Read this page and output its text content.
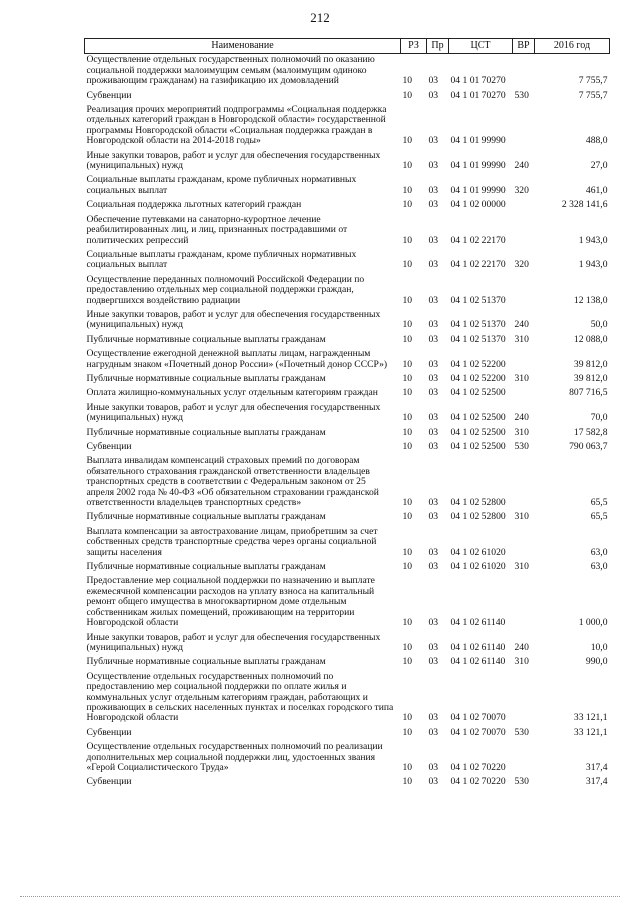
212
Наименование	РЗ	Пр	ЦСТ	ВР	2016 год
Осуществление отдельных государственных полномочий по оказанию социальной поддержки малоимущим семьям (малоимущим одиноко проживающим гражданам) на газификацию их домовладений	10	03	04 1 01 70270		7 755,7
Субвенции	10	03	04 1 01 70270	530	7 755,7
Реализация прочих мероприятий подпрограммы «Социальная поддержка отдельных категорий граждан в Новгородской области» государственной программы Новгородской области «Социальная поддержка граждан в Новгородской области на 2014-2018 годы»	10	03	04 1 01 99990		488,0
Иные закупки товаров, работ и услуг для обеспечения государственных (муниципальных) нужд	10	03	04 1 01 99990	240	27,0
Социальные выплаты гражданам, кроме публичных нормативных социальных выплат	10	03	04 1 01 99990	320	461,0
Социальная поддержка льготных категорий граждан	10	03	04 1 02 00000		2 328 141,6
Обеспечение путевками на санаторно-курортное лечение реабилитированных лиц, и лиц, признанных пострадавшими от политических репрессий	10	03	04 1 02 22170		1 943,0
Социальные выплаты гражданам, кроме публичных нормативных социальных выплат	10	03	04 1 02 22170	320	1 943,0
Осуществление переданных полномочий Российской Федерации по предоставлению отдельных мер социальной поддержки граждан, подвергшихся воздействию радиации	10	03	04 1 02 51370		12 138,0
Иные закупки товаров, работ и услуг для обеспечения государственных (муниципальных) нужд	10	03	04 1 02 51370	240	50,0
Публичные нормативные социальные выплаты гражданам	10	03	04 1 02 51370	310	12 088,0
Осуществление ежегодной денежной выплаты лицам, награжденным нагрудным знаком «Почетный донор России» («Почетный донор СССР»)	10	03	04 1 02 52200		39 812,0
Публичные нормативные социальные выплаты гражданам	10	03	04 1 02 52200	310	39 812,0
Оплата жилищно-коммунальных услуг отдельным категориям граждан	10	03	04 1 02 52500		807 716,5
Иные закупки товаров, работ и услуг для обеспечения государственных (муниципальных) нужд	10	03	04 1 02 52500	240	70,0
Публичные нормативные социальные выплаты гражданам	10	03	04 1 02 52500	310	17 582,8
Субвенции	10	03	04 1 02 52500	530	790 063,7
Выплата инвалидам компенсаций страховых премий по договорам обязательного страхования гражданской ответственности владельцев транспортных средств в соответствии с Федеральным законом от 25 апреля 2002 года № 40-ФЗ «Об обязательном страховании гражданской ответственности владельцев транспортных средств»	10	03	04 1 02 52800		65,5
Публичные нормативные социальные выплаты гражданам	10	03	04 1 02 52800	310	65,5
Выплата компенсации за автострахование лицам, приобретшим за счет собственных средств транспортные средства через органы социальной защиты населения	10	03	04 1 02 61020		63,0
Публичные нормативные социальные выплаты гражданам	10	03	04 1 02 61020	310	63,0
Предоставление мер социальной поддержки по назначению и выплате ежемесячной компенсации расходов на уплату взноса на капитальный ремонт общего имущества в многоквартирном доме отдельным собственникам жилых помещений, проживающим на территории Новгородской области	10	03	04 1 02 61140		1 000,0
Иные закупки товаров, работ и услуг для обеспечения государственных (муниципальных) нужд	10	03	04 1 02 61140	240	10,0
Публичные нормативные социальные выплаты гражданам	10	03	04 1 02 61140	310	990,0
Осуществление отдельных государственных полномочий по предоставлению мер социальной поддержки по оплате жилья и коммунальных услуг отдельным категориям граждан, работающих и проживающих в сельских населенных пунктах и поселках городского типа Новгородской области	10	03	04 1 02 70070		33 121,1
Субвенции	10	03	04 1 02 70070	530	33 121,1
Осуществление отдельных государственных полномочий по реализации дополнительных мер социальной поддержки лиц, удостоенных звания «Герой Социалистического Труда»	10	03	04 1 02 70220		317,4
Субвенции	10	03	04 1 02 70220	530	317,4
